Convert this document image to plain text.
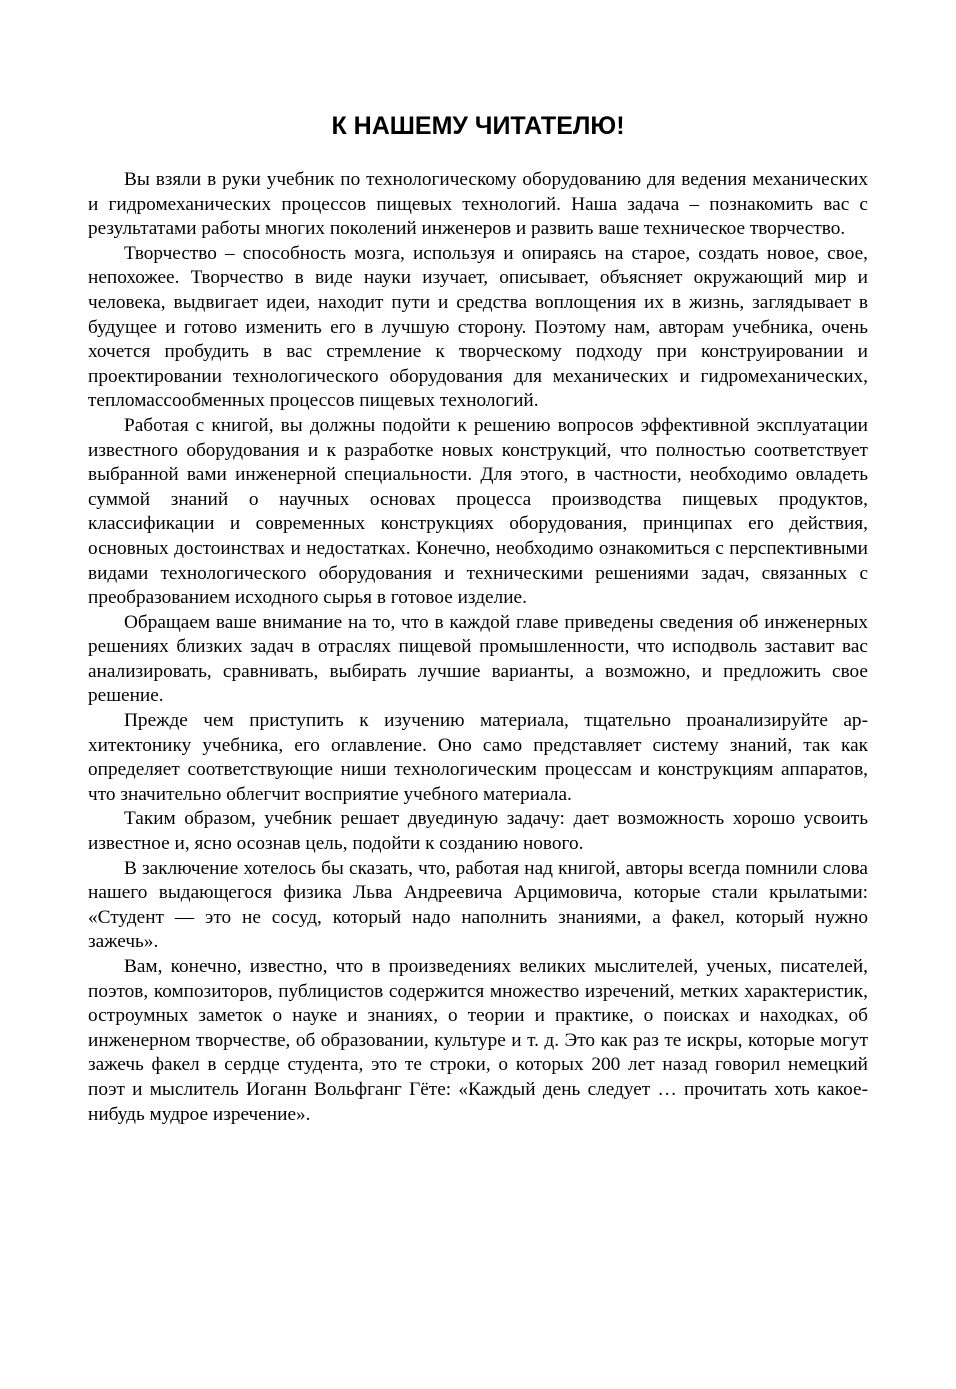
К НАШЕМУ ЧИТАТЕЛЮ!

Вы взяли в руки учебник по технологическому оборудованию для ведения механических и гидромеханических процессов пищевых технологий. Наша задача – познакомить вас с результатами работы многих поколений инженеров и развить ваше техническое творчество.

Творчество – способность мозга, используя и опираясь на старое, создать новое, свое, непохожее. Творчество в виде науки изучает, описывает, объясняет окружающий мир и человека, выдвигает идеи, находит пути и средства воплощения их в жизнь, заглядывает в будущее и готово изменить его в лучшую сторону. Поэтому нам, авторам учебника, очень хочется пробудить в вас стремление к творческому подходу при конструировании и проектировании технологического оборудования для механических и гидромеханических, тепломассообменных процессов пищевых технологий.

Работая с книгой, вы должны подойти к решению вопросов эффективной эксплуатации известного оборудования и к разработке новых конструкций, что полностью соответствует выбранной вами инженерной специальности. Для этого, в частности, необходимо овладеть суммой знаний о научных основах процесса производства пищевых продуктов, классификации и современных конструкциях оборудования, принципах его действия, основных достоинствах и недостатках. Конечно, необходимо ознакомиться с перспективными видами технологического оборудования и техническими решениями задач, связанных с преобразованием исходного сырья в готовое изделие.

Обращаем ваше внимание на то, что в каждой главе приведены сведения об инженерных решениях близких задач в отраслях пищевой промышленности, что исподволь заставит вас анализировать, сравнивать, выбирать лучшие варианты, а возможно, и предложить свое решение.

Прежде чем приступить к изучению материала, тщательно проанализируйте архитектонику учебника, его оглавление. Оно само представляет систему знаний, так как определяет соответствующие ниши технологическим процессам и конструкциям аппаратов, что значительно облегчит восприятие учебного материала.

Таким образом, учебник решает двуединую задачу: дает возможность хорошо усвоить известное и, ясно осознав цель, подойти к созданию нового.

В заключение хотелось бы сказать, что, работая над книгой, авторы всегда помнили слова нашего выдающегося физика Льва Андреевича Арцимовича, которые стали крылатыми: «Студент — это не сосуд, который надо наполнить знаниями, а факел, который нужно зажечь».

Вам, конечно, известно, что в произведениях великих мыслителей, ученых, писателей, поэтов, композиторов, публицистов содержится множество изречений, метких характеристик, остроумных заметок о науке и знаниях, о теории и практике, о поисках и находках, об инженерном творчестве, об образовании, культуре и т. д. Это как раз те искры, которые могут зажечь факел в сердце студента, это те строки, о которых 200 лет назад говорил немецкий поэт и мыслитель Иоганн Вольфганг Гёте: «Каждый день следует … прочитать хоть какоенибудь мудрое изречение».
